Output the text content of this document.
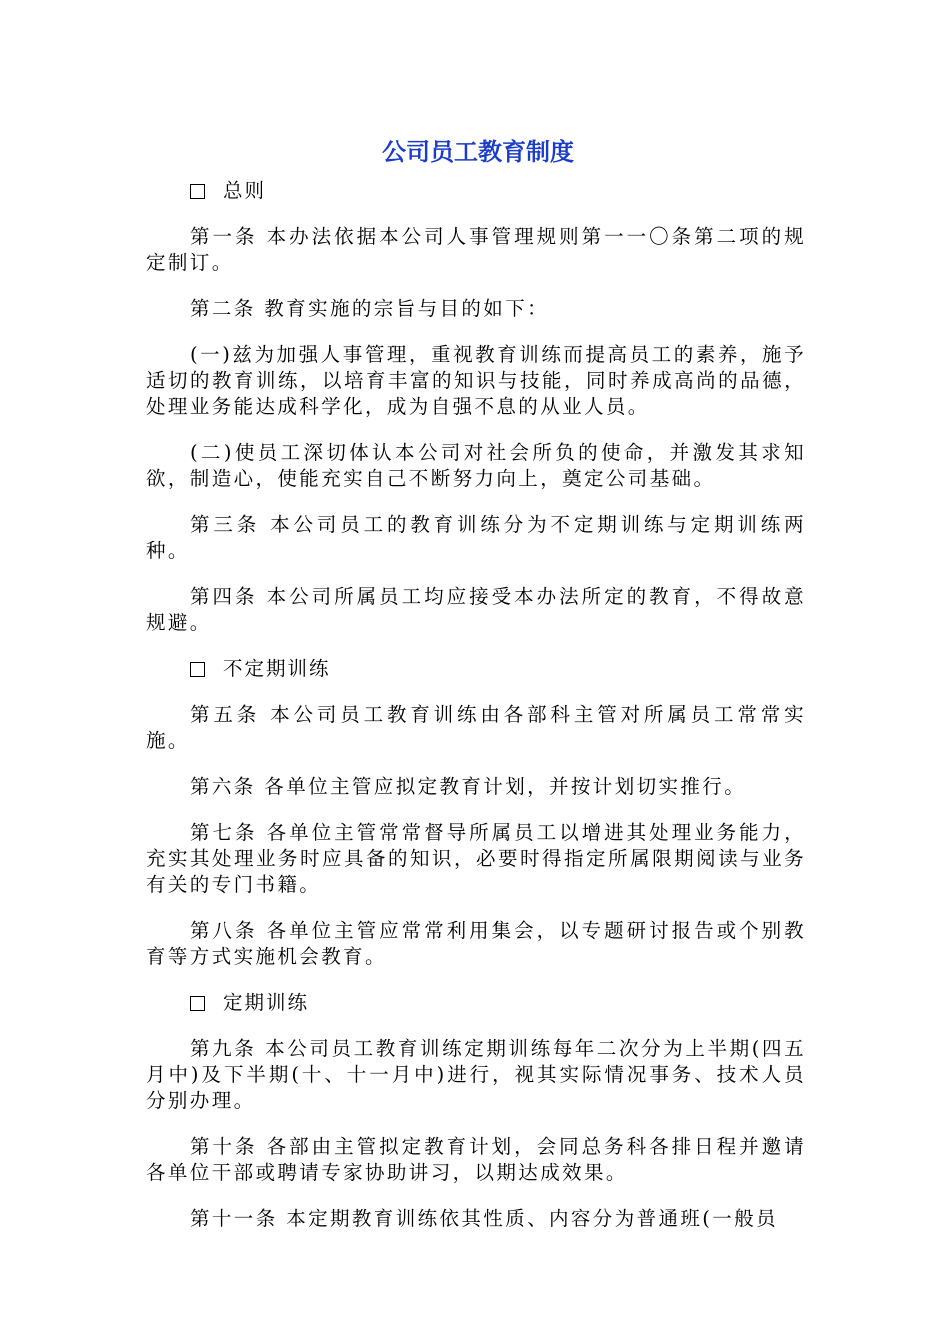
公司员工教育制度
总则

第一条 本办法依据本公司人事管理规则第一一〇条第二项的规定制订。

第二条 教育实施的宗旨与目的如下：

(一)兹为加强人事管理，重视教育训练而提高员工的素养，施予适切的教育训练，以培育丰富的知识与技能，同时养成高尚的品德，处理业务能达成科学化，成为自强不息的从业人员。

(二)使员工深切体认本公司对社会所负的使命，并激发其求知欲，制造心，使能充实自己不断努力向上，奠定公司基础。

第三条 本公司员工的教育训练分为不定期训练与定期训练两种。

第四条 本公司所属员工均应接受本办法所定的教育，不得故意规避。

不定期训练

第五条 本公司员工教育训练由各部科主管对所属员工常常实施。

第六条 各单位主管应拟定教育计划，并按计划切实推行。

第七条 各单位主管常常督导所属员工以增进其处理业务能力，充实其处理业务时应具备的知识，必要时得指定所属限期阅读与业务有关的专门书籍。

第八条 各单位主管应常常利用集会，以专题研讨报告或个别教育等方式实施机会教育。

定期训练

第九条 本公司员工教育训练定期训练每年二次分为上半期(四五月中)及下半期(十、十一月中)进行，视其实际情况事务、技术人员分别办理。

第十条 各部由主管拟定教育计划，会同总务科各排日程并邀请各单位干部或聘请专家协助讲习，以期达成效果。

第十一条 本定期教育训练依其性质、内容分为普通班(一般员
